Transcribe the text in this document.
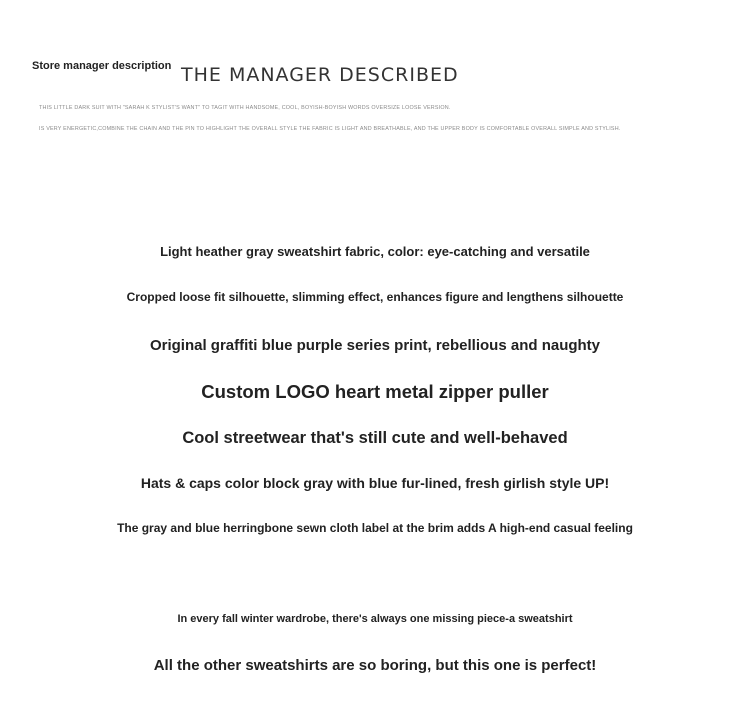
Store manager description THE MANAGER DESCRIBED
THIS LITTLE DARK SUIT WITH "SARAH K STYLIST'S WANT" TO TAGIT WITH HANDSOME, COOL, BOYISH-BOYISH WORDS OVERSIZE LOOSE VERSION.
IS VERY ENERGETIC,COMBINE THE CHAIN AND THE PIN TO HIGHLIGHT THE OVERALL STYLE THE FABRIC IS LIGHT AND BREATHABLE, AND THE UPPER BODY IS COMFORTABLE OVERALL SIMPLE AND STYLISH.
Light heather gray sweatshirt fabric, color: eye-catching and versatile
Cropped loose fit silhouette, slimming effect, enhances figure and lengthens silhouette
Original graffiti blue purple series print, rebellious and naughty
Custom LOGO heart metal zipper puller
Cool streetwear that's still cute and well-behaved
Hats & caps color block gray with blue fur-lined, fresh girlish style UP!
The gray and blue herringbone sewn cloth label at the brim adds A high-end casual feeling
In every fall winter wardrobe, there's always one missing piece-a sweatshirt
All the other sweatshirts are so boring, but this one is perfect!
